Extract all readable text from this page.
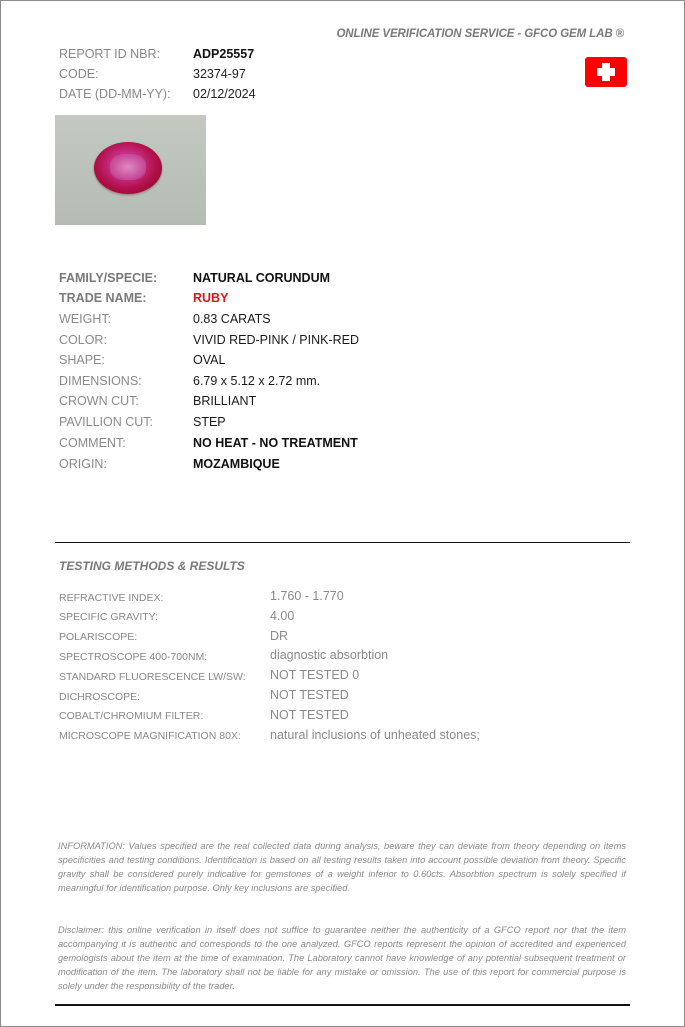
ONLINE VERIFICATION SERVICE - GFCO GEM LAB ®
REPORT ID NBR:	ADP25557
CODE:	32374-97
DATE (DD-MM-YY): 02/12/2024
FAMILY/SPECIE:	NATURAL CORUNDUM
TRADE NAME:	RUBY
WEIGHT:	0.83 CARATS
COLOR:	VIVID RED-PINK / PINK-RED
SHAPE:	OVAL
DIMENSIONS:	6.79 x 5.12 x 2.72 mm.
CROWN CUT:	BRILLIANT
PAVILLION CUT:	STEP
COMMENT:	NO HEAT - NO TREATMENT
ORIGIN:	MOZAMBIQUE
TESTING METHODS & RESULTS
REFRACTIVE INDEX:	1.760 - 1.770
SPECIFIC GRAVITY:	4.00
POLARISCOPE:	DR
SPECTROSCOPE 400-700NM:	diagnostic absorbtion
STANDARD FLUORESCENCE LW/SW: NOT TESTED 0
DICHROSCOPE:	NOT TESTED
COBALT/CHROMIUM FILTER:	NOT TESTED
MICROSCOPE MAGNIFICATION 80X: natural inclusions of unheated stones;
INFORMATION: Values specified are the real collected data during analysis, beware they can deviate from theory depending on items specificities and testing conditions. Identification is based on all testing results taken into account possible deviation from theory. Specific gravity shall be considered purely indicative for gemstones of a weight inferior to 0.60cts. Absorbtion spectrum is solely specified if meaningful for identification purpose. Only key inclusions are specified.
Disclaimer: this online verification in itself does not suffice to guarantee neither the authenticity of a GFCO report nor that the item accompanying it is authentic and corresponds to the one analyzed. GFCO reports represent the opinion of accredited and experienced gemologists about the item at the time of examination. The Laboratory cannot have knowledge of any potential subsequent treatment or modification of the item. The laboratory shall not be liable for any mistake or omission. The use of this report for commercial purpose is solely under the responsibility of the trader.
